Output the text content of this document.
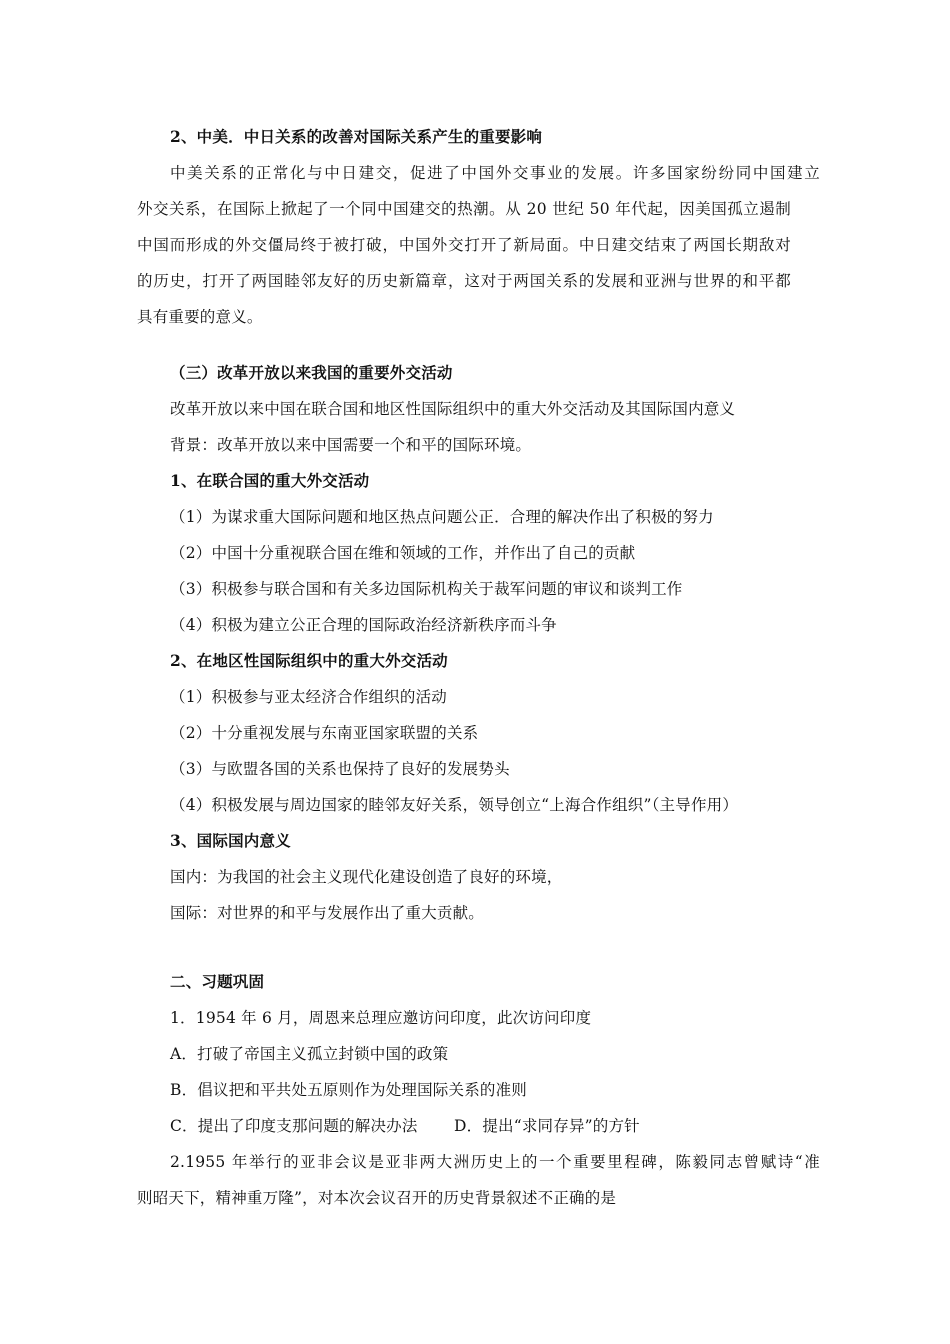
2、中美．中日关系的改善对国际关系产生的重要影响
中美关系的正常化与中日建交，促进了中国外交事业的发展。许多国家纷纷同中国建立
外交关系，在国际上掀起了一个同中国建交的热潮。从 20 世纪 50 年代起，因美国孤立遏制
中国而形成的外交僵局终于被打破，中国外交打开了新局面。中日建交结束了两国长期敌对
的历史，打开了两国睦邻友好的历史新篇章，这对于两国关系的发展和亚洲与世界的和平都
具有重要的意义。
（三）改革开放以来我国的重要外交活动
改革开放以来中国在联合国和地区性国际组织中的重大外交活动及其国际国内意义
背景：改革开放以来中国需要一个和平的国际环境。
1、在联合国的重大外交活动
（1）为谋求重大国际问题和地区热点问题公正．合理的解决作出了积极的努力
（2）中国十分重视联合国在维和领域的工作，并作出了自己的贡献
（3）积极参与联合国和有关多边国际机构关于裁军问题的审议和谈判工作
（4）积极为建立公正合理的国际政治经济新秩序而斗争
2、在地区性国际组织中的重大外交活动
（1）积极参与亚太经济合作组织的活动
（2）十分重视发展与东南亚国家联盟的关系
（3）与欧盟各国的关系也保持了良好的发展势头
（4）积极发展与周边国家的睦邻友好关系，领导创立“上海合作组织”（主导作用）
3、国际国内意义
国内：为我国的社会主义现代化建设创造了良好的环境，
国际：对世界的和平与发展作出了重大贡献。
二、习题巩固
1．1954 年 6 月，周恩来总理应邀访问印度，此次访问印度
A．打破了帝国主义孤立封锁中国的政策
B．倡议把和平共处五原则作为处理国际关系的准则
C．提出了印度支那问题的解决办法 D．提出“求同存异”的方针
2.1955 年举行的亚非会议是亚非两大洲历史上的一个重要里程碑，陈毅同志曾赋诗“准
则昭天下，精神重万隆”，对本次会议召开的历史背景叙述不正确的是
